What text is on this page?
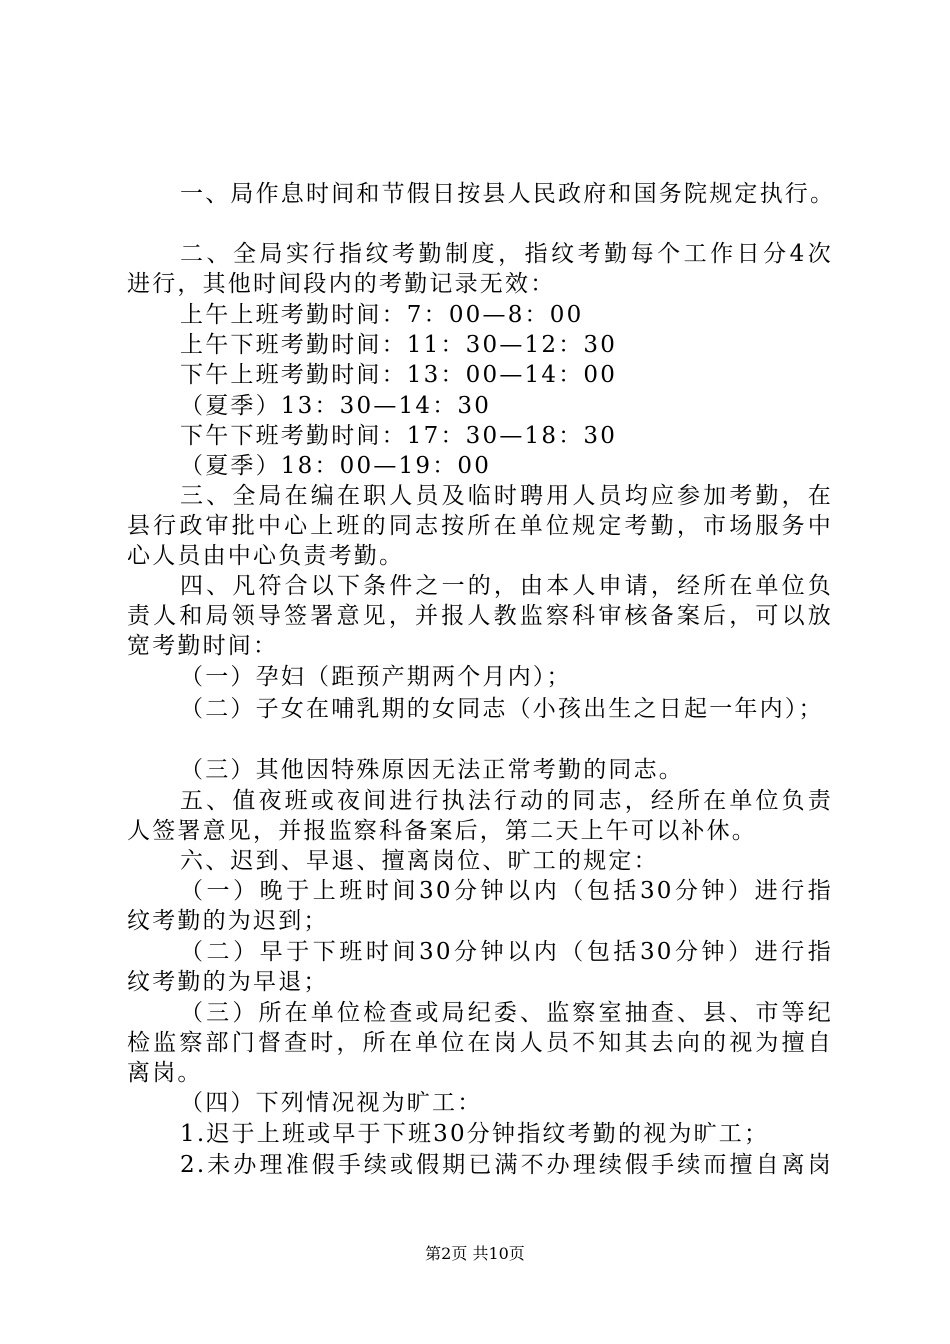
一、局作息时间和节假日按县人民政府和国务院规定执行。
二、全局实行指纹考勤制度，指纹考勤每个工作日分4次
进行，其他时间段内的考勤记录无效：
上午上班考勤时间：7：00—8：00
上午下班考勤时间：11：30—12：30
下午上班考勤时间：13：00—14：00
（夏季）13：30—14：30
下午下班考勤时间：17：30—18：30
（夏季）18：00—19：00
三、全局在编在职人员及临时聘用人员均应参加考勤，在
县行政审批中心上班的同志按所在单位规定考勤，市场服务中
心人员由中心负责考勤。
四、凡符合以下条件之一的，由本人申请，经所在单位负
责人和局领导签署意见，并报人教监察科审核备案后，可以放
宽考勤时间：
（一）孕妇（距预产期两个月内）；
（二）子女在哺乳期的女同志（小孩出生之日起一年内）；
（三）其他因特殊原因无法正常考勤的同志。
五、值夜班或夜间进行执法行动的同志，经所在单位负责
人签署意见，并报监察科备案后，第二天上午可以补休。
六、迟到、早退、擅离岗位、旷工的规定：
（一）晚于上班时间30分钟以内（包括30分钟）进行指
纹考勤的为迟到；
（二）早于下班时间30分钟以内（包括30分钟）进行指
纹考勤的为早退；
（三）所在单位检查或局纪委、监察室抽查、县、市等纪
检监察部门督查时，所在单位在岗人员不知其去向的视为擅自
离岗。
（四）下列情况视为旷工：
1.迟于上班或早于下班30分钟指纹考勤的视为旷工；
2.未办理准假手续或假期已满不办理续假手续而擅自离岗
第2页 共10页
